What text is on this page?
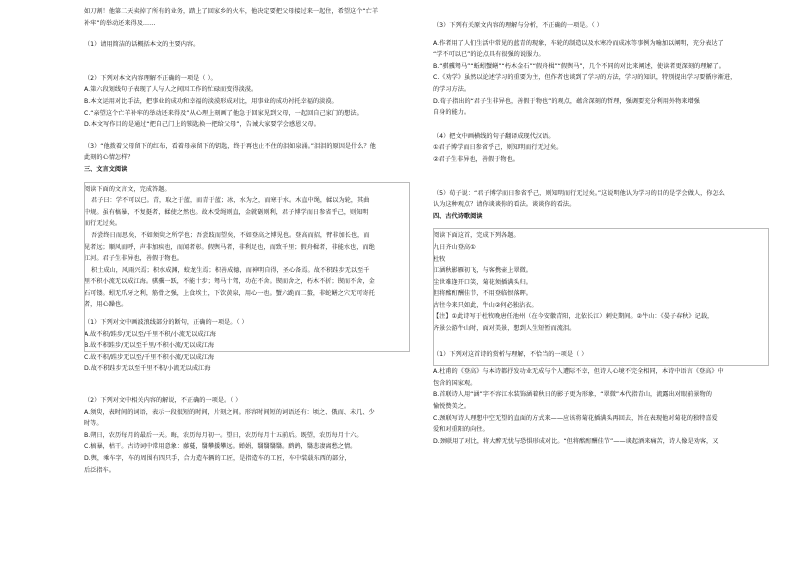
如刀割！他第二天卖掉了所有的业务，踏上了回家乡的火车，他决定要把父母接过来一起住，希望这个“亡羊
补牢”的举动还来得及……
（1）请用简洁的话概括本文的主要内容。
（2）下列对本文内容理解不正确的一项是（ ）。
A.第六段划线句子表现了人与人之间因工作的忙碌而变得淡漠。
B.本文运用对比手法，把事业的成功和幸福的淡漠形成对比，用事业的成功衬托幸福的淡漠。
C.“亲望这个亡羊补牢的举动还来得及”从心理上刻画了他急于回家见到父母，一起回自己家门的想法。
D.本文写作目的是通过“把自己门上的锁匙换一把给父母”，告诫大家要学会感恩父母。
（3）“他拨着父母留下的红布，看着母亲留下的钥匙，终于再也止不住的泪如泉涌。”泪泪的原因是什么？他
此刻的心情怎样？
三、文言文阅读
阅读下面的文言文，完成答题。
君子曰：学不可以已。青，取之于蓝，而青于蓝；冰，水为之，而寒于水。木直中绳，輮以为轮，其曲
中规。虽有槁暴，不复挺者，輮使之然也。故木受绳则直，金就砺则利，君子博学而日参省乎己，则知明
而行无过矣。
吾尝终日而思矣，不如须臾之所学也；吾尝跂而望矣，不如登高之博见也。登高而招，臂非加长也，而
见者远；顺风而呼，声非加疾也，而闻者彰。假舆马者，非利足也，而致千里；假舟楫者，非能水也，而绝
江河。君子生非异也，善假于物也。
积土成山，风雨兴焉；积水成渊，蛟龙生焉；积善成德，而神明自得，圣心备焉。故不积跬步无以至千
里不积小流无以成江海。骐骥一跃，不能十步；驽马十驾，功在不舍。锲而舍之，朽木不折；锲而不舍，金
石可镂。蚓无爪牙之利，筋骨之强，上食埃土，下饮黄泉，用心一也。蟹六跪而二螯，非蛇鳝之穴无可寄托
者，用心躁也。
（1）下列对文中画波浪线部分的断句，正确的一项是。（ ）
A.故不积/跬步/无以至/千里不积/小流无以成江海
B.故不积跬步/无以至千里/不积小流/无以成江海
C.故不积/跬步无以至/千里不积小流/无以成江海
D.故不积跬步无以至千里不积/小流无以成江海
（2）下列对文中相关内容的解说，不正确的一项是。（ ）
A.须臾，表时间的词语，表示一段很短的时间，片刻之间。形容时间短的词语还有：顷之、俄而、未几、少
时等。
B.朔日，农历每月的最后一天。晦，农历每月初一。望日，农历每月十五前后。既望，农历每月十六。
C.槁暴，枯干。古诗词中常用意象：藤蔓，翳攀援攀远。婵娟，翳翳翳翳。鹧鸪，翳悲凄离愁之情。
D.舆，乘车字，车的周围有四只手，合力造车辆的工匠，是指造车的工匠，车中装载东西的部分，
后泛指车。
（3）下列有关原文内容的理解与分析，不正确的一项是。（ ）
A.作者用了人们生活中常见的蓝青的现象，车轮的制造以及水寒冷而成冰等事例为喻加以阐明，充分表达了
“学不可以已”的论点具有很强的说服力。
B.“骐骥驽马”“蚯蚓蟹鳝”“朽木金石”“假舟楫”“假舆马”，几个不同的对比来阐述，使读者更深刻的理解了。
C.《劝学》虽然以论述学习的重要为主，但作者也谈到了学习的方法，学习的知识，特别提出学习要循序渐进，
的学习方法。
D.荀子指出的“君子生非异也，善假于物也”的观点，蕴含深刻的哲理，强调要充分利用外物来增强
自身的能力。
（4）把文中画横线的句子翻译成现代汉语。
①君子博学而日参省乎己，则知明而行无过矣。
②君子生非异也，善假于物也。
（5）荀子说：“君子博学而日参省乎己，则知明而行无过矣。”这说明他认为学习的目的是学会做人，你怎么
认为这种观点？请你谈谈你的看法。谈谈你的看法。
四、古代诗歌阅读
阅读下面这首，完成下列各题。
九日齐山登高①
杜牧
江涵秋影雁初飞，与客携壶上翠微。
尘世难逢开口笑，菊花须插满头归。
但将酩酊酬佳节，不用登临恨落晖。
古往今来只如此，牛山②何必独沾衣。
【注】①此诗写于杜牧晚唐任池州（在今安徽青阳，北依长江）刺史期间。②牛山：《晏子春秋》记载，
齐景公游牛山时，面对美景，想到人生短暂而流泪。
（1）下列对这首诗的赏析与理解，不恰当的一项是（ ）
A.杜甫的《登高》与本诗都抒发功业无成与个人遭际不幸，但诗人心境不完全相同，本诗中语言《登高》中
包含的国家观。
B.首联诗人用“涵”字不容江水装饰涵着秋日的影子更为形象，“翠微”本代指青山，流露出对眼前景物的
愉悦赞美之。
C.颈联写诗人理想中空无望的直面的方式来——应该将菊花插满头再回去，旨在表现他对菊花的独特喜爱
爱和对重阳的向往。
D.颈联用了对比，将大醉无忧与恐惧形成对比。“但将酩酊酬佳节”——谈起酒来痛苦，诗人像是劝客，又
